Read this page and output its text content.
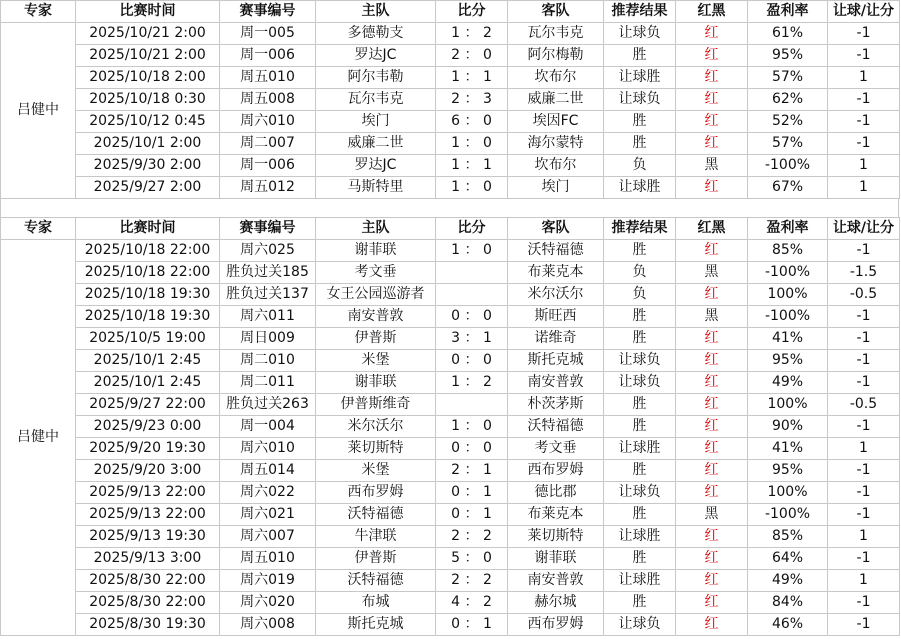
专家	比赛时间	赛事编号	主队	比分	客队	推荐结果	红黑	盈利率	让球/让分
吕健中	2025/10/21 2:00	周一005	多德勒支	1 ： 2	瓦尔韦克	让球负	红	61%	-1
	2025/10/21 2:00	周一006	罗达JC	2 ： 0	阿尔梅勒	胜	红	95%	-1
	2025/10/18 2:00	周五010	阿尔韦勒	1 ： 1	坎布尔	让球胜	红	57%	1
	2025/10/18 0:30	周五008	瓦尔韦克	2 ： 3	威廉二世	让球负	红	62%	-1
	2025/10/12 0:45	周六010	埃门	6 ： 0	埃因FC	胜	红	52%	-1
	2025/10/1 2:00	周二007	威廉二世	1 ： 0	海尔蒙特	胜	红	57%	-1
	2025/9/30 2:00	周一006	罗达JC	1 ： 1	坎布尔	负	黑	-100%	1
	2025/9/27 2:00	周五012	马斯特里	1 ： 0	埃门	让球胜	红	67%	1
专家	比赛时间	赛事编号	主队	比分	客队	推荐结果	红黑	盈利率	让球/让分
吕健中	2025/10/18 22:00	周六025	谢菲联	1 ： 0	沃特福德	胜	红	85%	-1
	2025/10/18 22:00	胜负过关185	考文垂		布莱克本	负	黑	-100%	-1.5
	2025/10/18 19:30	胜负过关137	女王公园巡游者		米尔沃尔	负	红	100%	-0.5
	2025/10/18 19:30	周六011	南安普敦	0 ： 0	斯旺西	胜	黑	-100%	-1
	2025/10/5 19:00	周日009	伊普斯	3 ： 1	诺维奇	胜	红	41%	-1
	2025/10/1 2:45	周二010	米堡	0 ： 0	斯托克城	让球负	红	95%	-1
	2025/10/1 2:45	周二011	谢菲联	1 ： 2	南安普敦	让球负	红	49%	-1
	2025/9/27 22:00	胜负过关263	伊普斯维奇		朴茨茅斯	胜	红	100%	-0.5
	2025/9/23 0:00	周一004	米尔沃尔	1 ： 0	沃特福德	胜	红	90%	-1
	2025/9/20 19:30	周六010	莱切斯特	0 ： 0	考文垂	让球胜	红	41%	1
	2025/9/20 3:00	周五014	米堡	2 ： 1	西布罗姆	胜	红	95%	-1
	2025/9/13 22:00	周六022	西布罗姆	0 ： 1	德比郡	让球负	红	100%	-1
	2025/9/13 22:00	周六021	沃特福德	0 ： 1	布莱克本	胜	黑	-100%	-1
	2025/9/13 19:30	周六007	牛津联	2 ： 2	莱切斯特	让球胜	红	85%	1
	2025/9/13 3:00	周五010	伊普斯	5 ： 0	谢菲联	胜	红	64%	-1
	2025/8/30 22:00	周六019	沃特福德	2 ： 2	南安普敦	让球胜	红	49%	1
	2025/8/30 22:00	周六020	布城	4 ： 2	赫尔城	胜	红	84%	-1
	2025/8/30 19:30	周六008	斯托克城	0 ： 1	西布罗姆	让球负	红	46%	-1
